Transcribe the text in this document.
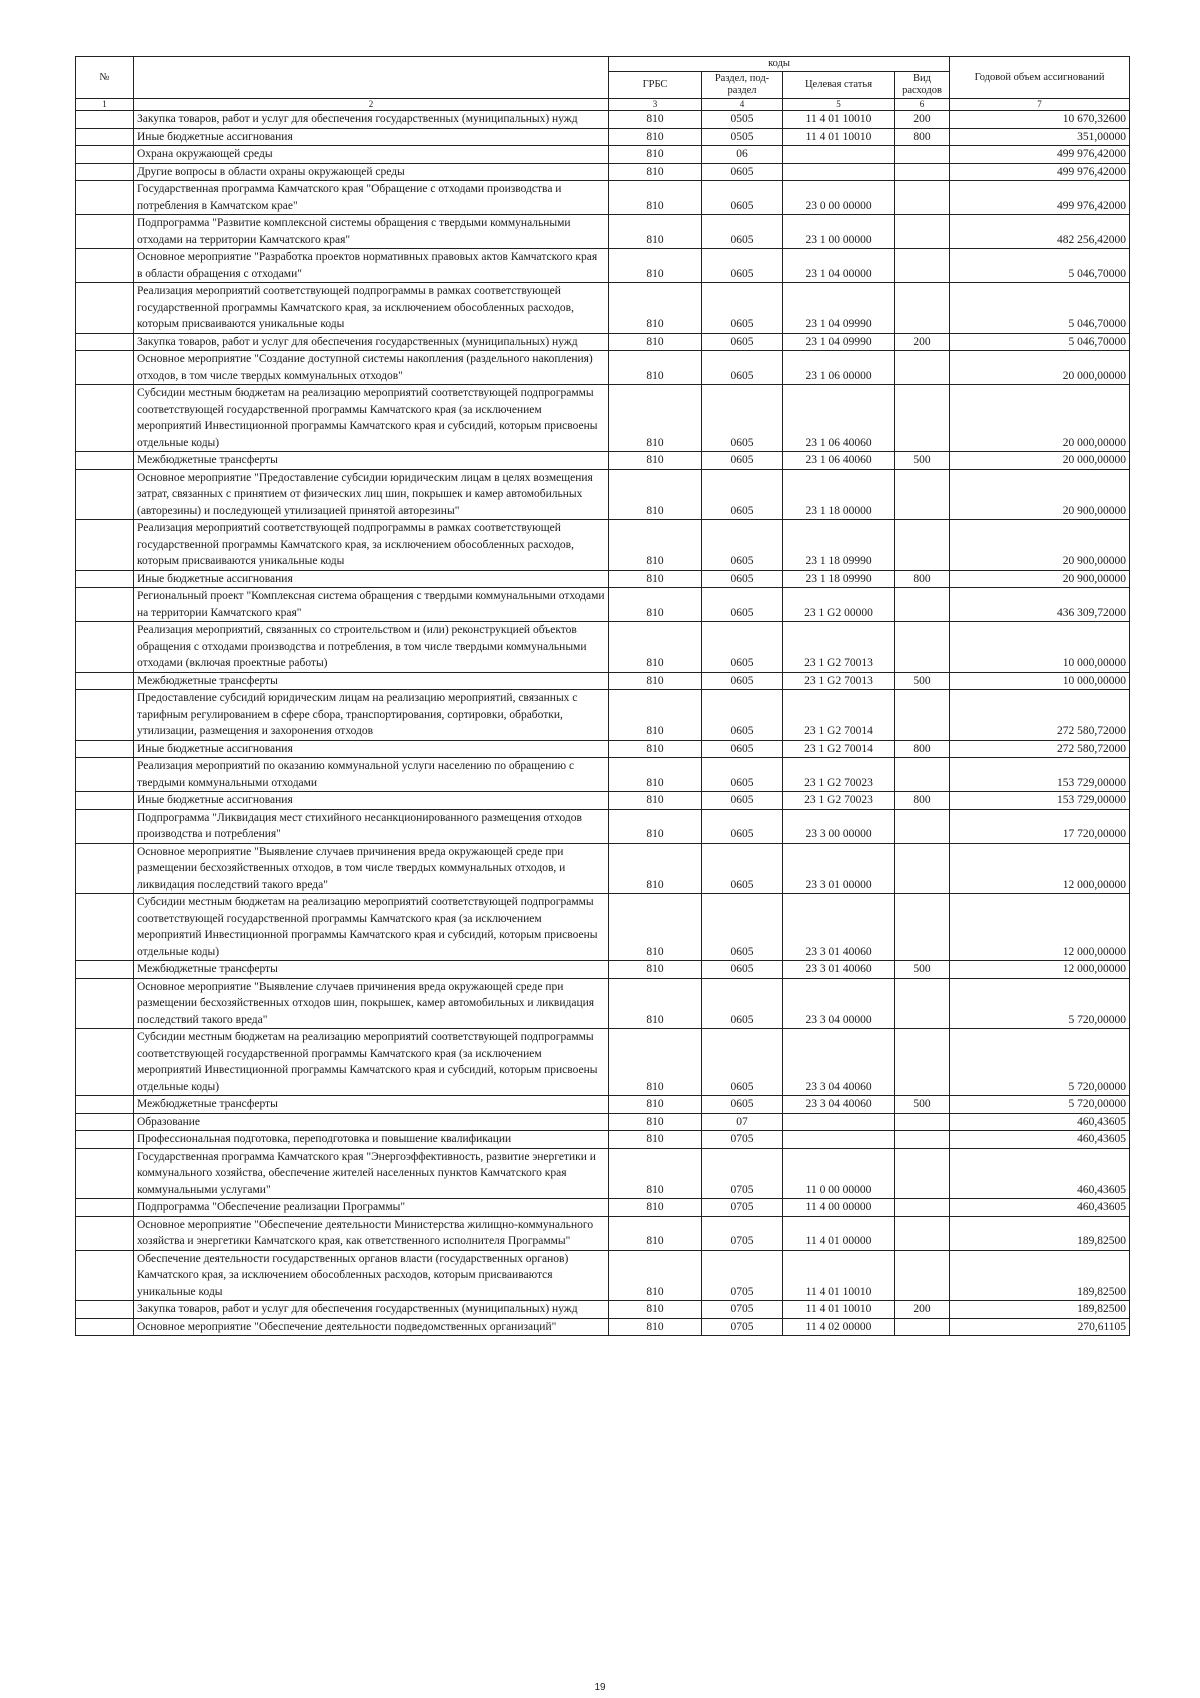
№		коды				Годовой объем ассигнований
		ГРБС	Раздел, под-раздел	Целевая статья	Вид расходов	
1	2	3	4	5	6	7
	Закупка товаров, работ и услуг для обеспечения государственных (муниципальных) нужд	810	0505	11 4 01 10010	200	10 670,32600
	Иные бюджетные ассигнования	810	0505	11 4 01 10010	800	351,00000
	Охрана окружающей среды	810	06			499 976,42000
	Другие вопросы в области охраны окружающей среды	810	0605			499 976,42000
	Государственная программа Камчатского края "Обращение с отходами производства и потребления в Камчатском крае"	810	0605	23 0 00 00000		499 976,42000
	Подпрограмма "Развитие комплексной системы обращения с твердыми коммунальными отходами на территории Камчатского края"	810	0605	23 1 00 00000		482 256,42000
	Основное мероприятие "Разработка проектов нормативных правовых актов Камчатского края в области обращения с отходами"	810	0605	23 1 04 00000		5 046,70000
	Реализация мероприятий соответствующей подпрограммы в рамках соответствующей государственной программы Камчатского края, за исключением обособленных расходов, которым присваиваются уникальные коды	810	0605	23 1 04 09990		5 046,70000
	Закупка товаров, работ и услуг для обеспечения государственных (муниципальных) нужд	810	0605	23 1 04 09990	200	5 046,70000
	Основное мероприятие "Создание доступной системы накопления (раздельного накопления) отходов, в том числе твердых коммунальных отходов"	810	0605	23 1 06 00000		20 000,00000
	Субсидии местным бюджетам на реализацию мероприятий соответствующей подпрограммы соответствующей государственной программы Камчатского края (за исключением мероприятий Инвестиционной программы Камчатского края и субсидий, которым присвоены отдельные коды)	810	0605	23 1 06 40060		20 000,00000
	Межбюджетные трансферты	810	0605	23 1 06 40060	500	20 000,00000
	Основное мероприятие "Предоставление субсидии юридическим лицам в целях возмещения затрат, связанных с принятием от физических лиц шин, покрышек и камер автомобильных (авторезины) и последующей утилизацией принятой авторезины"	810	0605	23 1 18 00000		20 900,00000
	Реализация мероприятий соответствующей подпрограммы в рамках соответствующей государственной программы Камчатского края, за исключением обособленных расходов, которым присваиваются уникальные коды	810	0605	23 1 18 09990		20 900,00000
	Иные бюджетные ассигнования	810	0605	23 1 18 09990	800	20 900,00000
	Региональный проект "Комплексная система обращения с твердыми коммунальными отходами на территории Камчатского края"	810	0605	23 1 G2 00000		436 309,72000
	Реализация мероприятий, связанных со строительством и (или) реконструкцией объектов обращения с отходами производства и потребления, в том числе твердыми коммунальными отходами (включая проектные работы)	810	0605	23 1 G2 70013		10 000,00000
	Межбюджетные трансферты	810	0605	23 1 G2 70013	500	10 000,00000
	Предоставление субсидий юридическим лицам на реализацию мероприятий, связанных с тарифным регулированием в сфере сбора, транспортирования, сортировки, обработки, утилизации, размещения и захоронения отходов	810	0605	23 1 G2 70014		272 580,72000
	Иные бюджетные ассигнования	810	0605	23 1 G2 70014	800	272 580,72000
	Реализация мероприятий по оказанию коммунальной услуги населению по обращению с твердыми коммунальными отходами	810	0605	23 1 G2 70023		153 729,00000
	Иные бюджетные ассигнования	810	0605	23 1 G2 70023	800	153 729,00000
	Подпрограмма "Ликвидация мест стихийного несанкционированного размещения отходов производства и потребления"	810	0605	23 3 00 00000		17 720,00000
	Основное мероприятие "Выявление случаев причинения вреда окружающей среде при размещении бесхозяйственных отходов, в том числе твердых коммунальных отходов, и ликвидация последствий такого вреда"	810	0605	23 3 01 00000		12 000,00000
	Субсидии местным бюджетам на реализацию мероприятий соответствующей подпрограммы соответствующей государственной программы Камчатского края (за исключением мероприятий Инвестиционной программы Камчатского края и субсидий, которым присвоены отдельные коды)	810	0605	23 3 01 40060		12 000,00000
	Межбюджетные трансферты	810	0605	23 3 01 40060	500	12 000,00000
	Основное мероприятие "Выявление случаев причинения вреда окружающей среде при размещении бесхозяйственных отходов шин, покрышек, камер автомобильных и ликвидация последствий такого вреда"	810	0605	23 3 04 00000		5 720,00000
	Субсидии местным бюджетам на реализацию мероприятий соответствующей подпрограммы соответствующей государственной программы Камчатского края (за исключением мероприятий Инвестиционной программы Камчатского края и субсидий, которым присвоены отдельные коды)	810	0605	23 3 04 40060		5 720,00000
	Межбюджетные трансферты	810	0605	23 3 04 40060	500	5 720,00000
	Образование	810	07			460,43605
	Профессиональная подготовка, переподготовка и повышение квалификации	810	0705			460,43605
	Государственная программа Камчатского края "Энергоэффективность, развитие энергетики и коммунального хозяйства, обеспечение жителей населенных пунктов Камчатского края коммунальными услугами"	810	0705	11 0 00 00000		460,43605
	Подпрограмма "Обеспечение реализации Программы"	810	0705	11 4 00 00000		460,43605
	Основное мероприятие "Обеспечение деятельности Министерства жилищно-коммунального хозяйства и энергетики Камчатского края, как ответственного исполнителя Программы"	810	0705	11 4 01 00000		189,82500
	Обеспечение деятельности государственных органов власти (государственных органов) Камчатского края, за исключением обособленных расходов, которым присваиваются уникальные коды	810	0705	11 4 01 10010		189,82500
	Закупка товаров, работ и услуг для обеспечения государственных (муниципальных) нужд	810	0705	11 4 01 10010	200	189,82500
	Основное мероприятие "Обеспечение деятельности подведомственных организаций"	810	0705	11 4 02 00000		270,61105
19
